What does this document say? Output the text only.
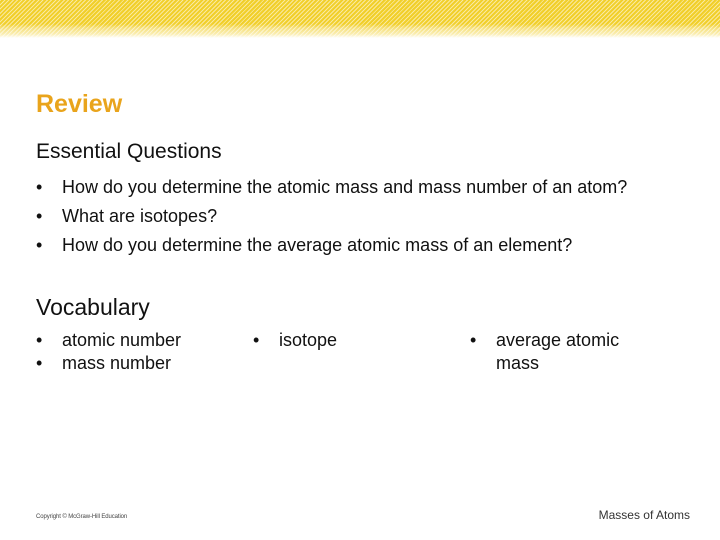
Review
Essential Questions
• How do you determine the atomic mass and mass number of an atom?
• What are isotopes?
• How do you determine the average atomic mass of an element?
Vocabulary
• atomic number
• mass number
• isotope
•	average atomic mass
Copyright © McGraw-Hill Education	Masses of Atoms
